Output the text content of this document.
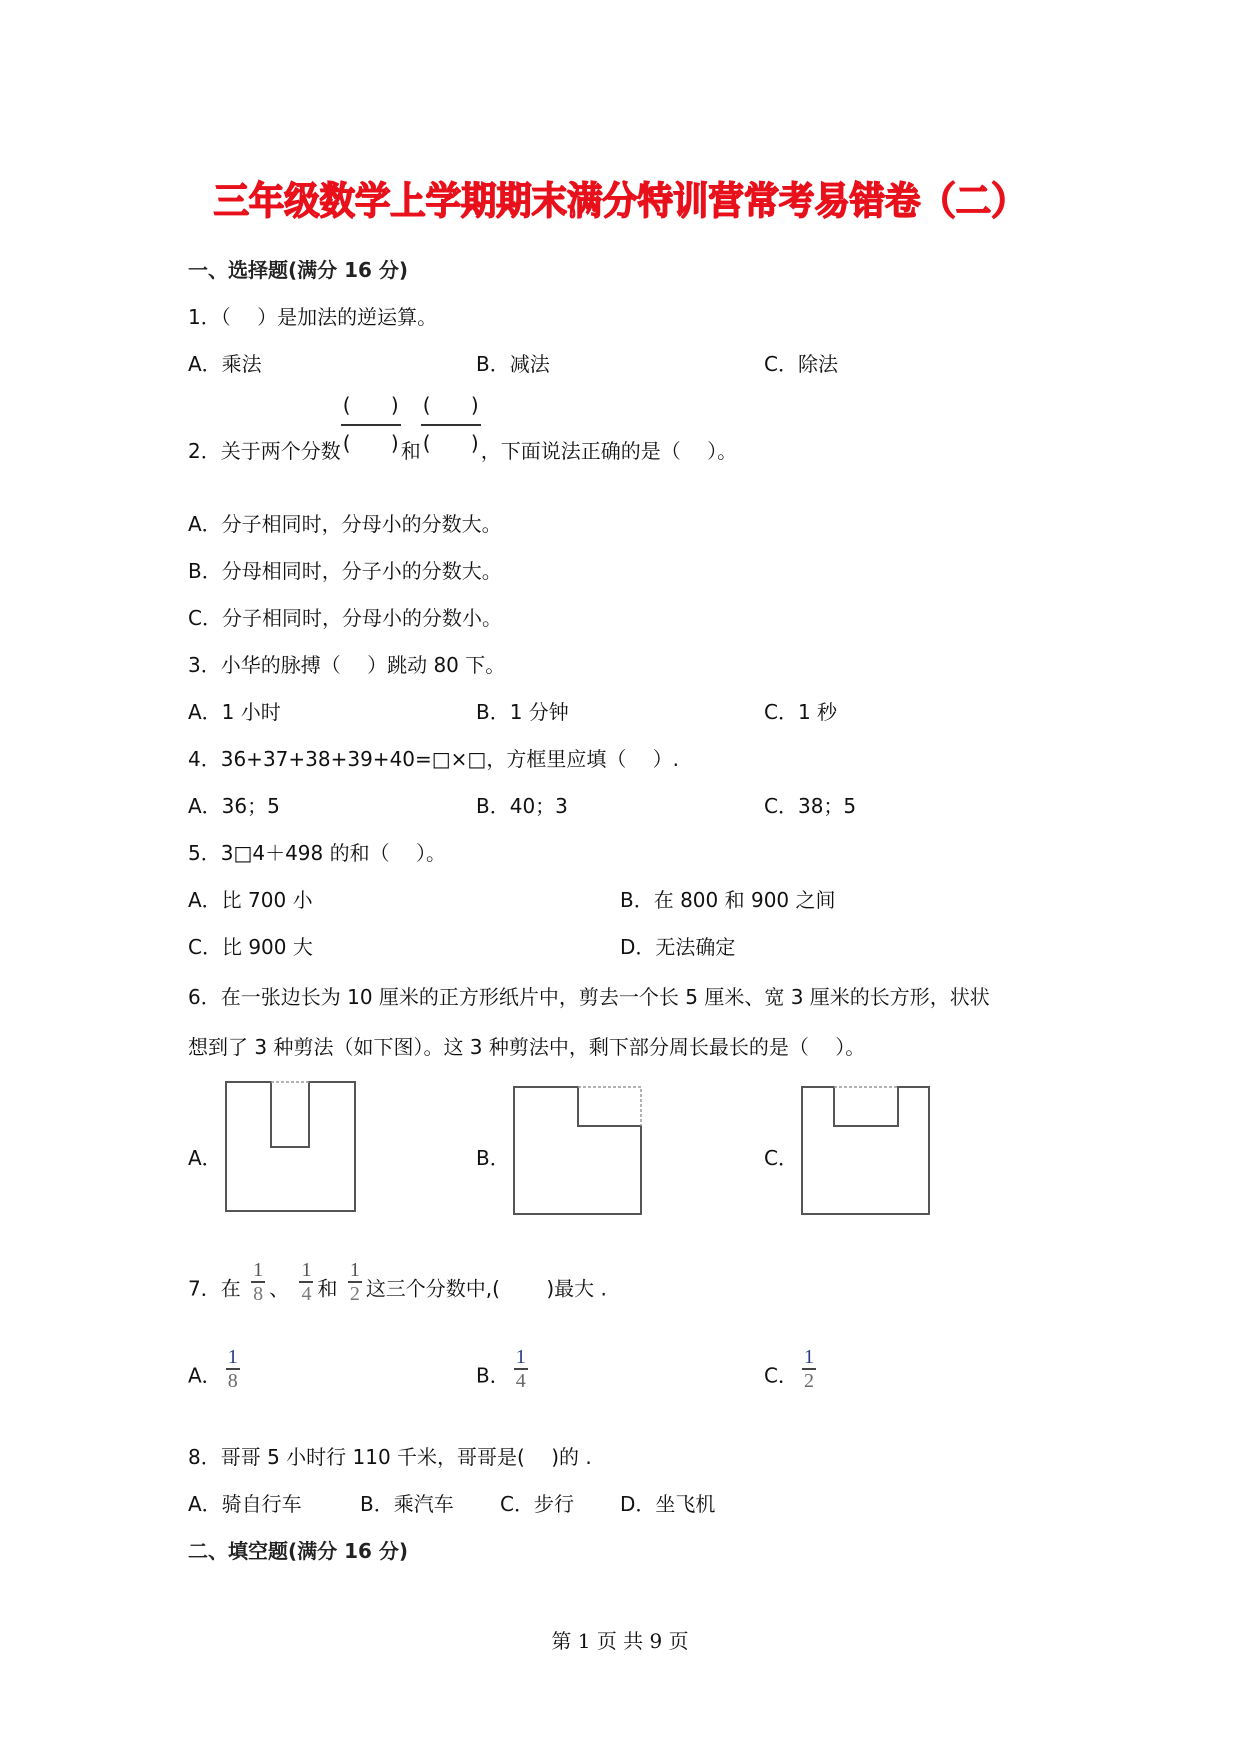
三年级数学上学期期末满分特训营常考易错卷（二）
一、选择题(满分 16 分)
1．（　 ）是加法的逆运算。
A．乘法	B．减法	C．除法
2．关于两个分数 $\frac{( )}{( )}$ 和 $\frac{( )}{( )}$ ，下面说法正确的是（　 ）。
A．分子相同时，分母小的分数大。
B．分母相同时，分子小的分数大。
C．分子相同时，分母小的分数小。
3．小华的脉搏（　 ）跳动 80 下。
A．1 小时	B．1 分钟	C．1 秒
4．36+37+38+39+40=□×□，方框里应填（　 ）.
A．36；5	B．40；3	C．38；5
5．3□4＋498 的和（　 ）。
A．比 700 小	B．在 800 和 900 之间
C．比 900 大	D．无法确定
6．在一张边长为 10 厘米的正方形纸片中，剪去一个长 5 厘米、宽 3 厘米的长方形，状状
想到了 3 种剪法（如下图）。这 3 种剪法中，剩下部分周长最长的是（　 ）。
A．	B．	C．
7．在 $\frac{1}{8}$ 、 $\frac{1}{4}$ 和 $\frac{1}{2}$ 这三个分数中,(　　 )最大 .
A． $\frac{1}{8}$	B． $\frac{1}{4}$	C． $\frac{1}{2}$
8．哥哥 5 小时行 110 千米，哥哥是(　 )的 .
A．骑自行车	B．乘汽车 C．步行 D．坐飞机
二、填空题(满分 16 分)
第 1 页 共 9 页
